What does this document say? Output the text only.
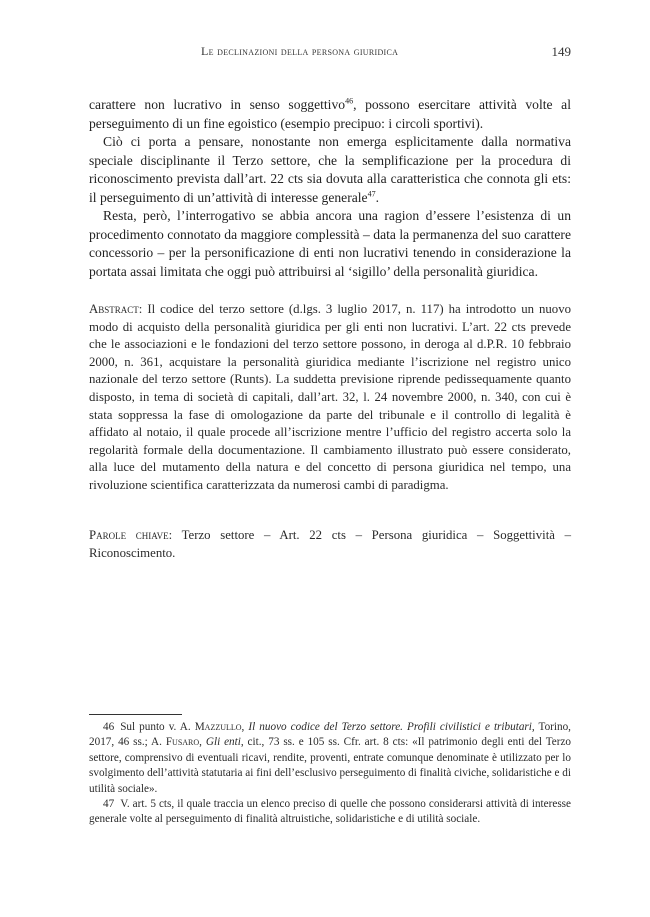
Le declinazioni della persona giuridica	149

carattere non lucrativo in senso soggettivo$^{46}$, possono esercitare attività volte al perseguimento di un fine egoistico (esempio precipuo: i circoli sportivi).

Ciò ci porta a pensare, nonostante non emerga esplicitamente dalla normativa speciale disciplinante il Terzo settore, che la semplificazione per la procedura di riconoscimento prevista dall’art. 22 cts sia dovuta alla caratteristica che connota gli ets: il perseguimento di un’attività di interesse generale$^{47}$.

Resta, però, l’interrogativo se abbia ancora una ragion d’essere l’esistenza di un procedimento connotato da maggiore complessità – data la permanenza del suo carattere concessorio – per la personificazione di enti non lucrativi tenendo in considerazione la portata assai limitata che oggi può attribuirsi al ‘sigillo’ della personalità giuridica.

Abstract: Il codice del terzo settore (d.lgs. 3 luglio 2017, n. 117) ha introdotto un nuovo modo di acquisto della personalità giuridica per gli enti non lucrativi. L’art. 22 cts prevede che le associazioni e le fondazioni del terzo settore possono, in deroga al d.P.R. 10 febbraio 2000, n. 361, acquistare la personalità giuridica mediante l’iscrizione nel registro unico nazionale del terzo settore (Runts). La suddetta previsione riprende pedissequamente quanto disposto, in tema di società di capitali, dall’art. 32, l. 24 novembre 2000, n. 340, con cui è stata soppressa la fase di omologazione da parte del tribunale e il controllo di legalità è affidato al notaio, il quale procede all’iscrizione mentre l’ufficio del registro accerta solo la regolarità formale della documentazione. Il cambiamento illustrato può essere considerato, alla luce del mutamento della natura e del concetto di persona giuridica nel tempo, una rivoluzione scientifica caratterizzata da numerosi cambi di paradigma.

Parole chiave: Terzo settore – Art. 22 cts – Persona giuridica – Soggettività – Riconoscimento.

46 Sul punto v. A. Mazzullo, Il nuovo codice del Terzo settore. Profili civilistici e tributari, Torino, 2017, 46 ss.; A. Fusaro, Gli enti, cit., 73 ss. e 105 ss. Cfr. art. 8 cts: «Il patrimonio degli enti del Terzo settore, comprensivo di eventuali ricavi, rendite, proventi, entrate comunque denominate è utilizzato per lo svolgimento dell’attività statutaria ai fini dell’esclusivo perseguimento di finalità civiche, solidaristiche e di utilità sociale».

47 V. art. 5 cts, il quale traccia un elenco preciso di quelle che possono considerarsi attività di interesse generale volte al perseguimento di finalità altruistiche, solidaristiche e di utilità sociale.
